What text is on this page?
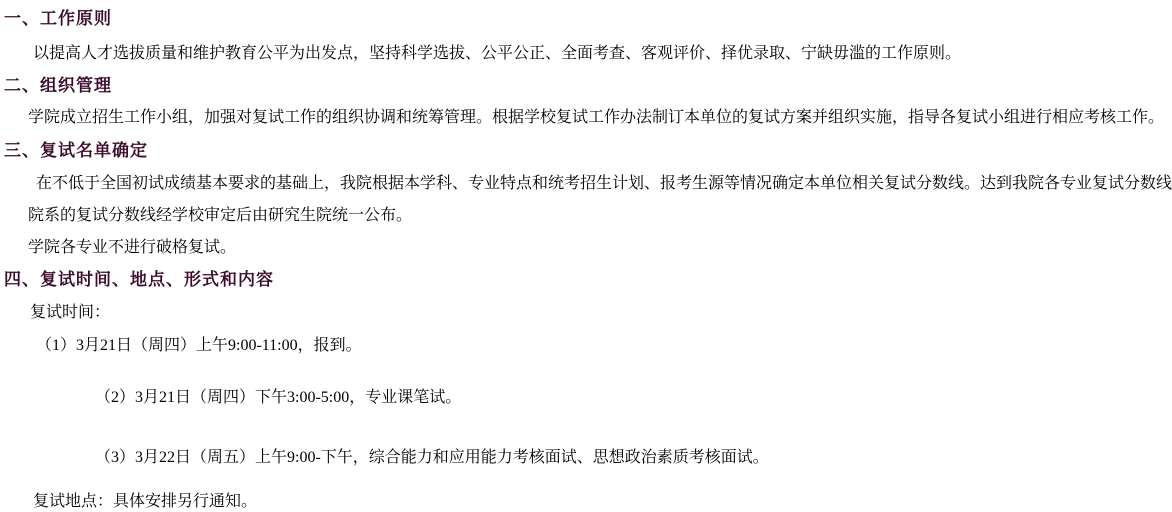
一、工作原则
以提高人才选拔质量和维护教育公平为出发点，坚持科学选拔、公平公正、全面考查、客观评价、择优录取、宁缺毋滥的工作原则。
二、组织管理
学院成立招生工作小组，加强对复试工作的组织协调和统筹管理。根据学校复试工作办法制订本单位的复试方案并组织实施，指导各复试小组进行相应考核工作。
三、复试名单确定
在不低于全国初试成绩基本要求的基础上，我院根据本学科、专业特点和统考招生计划、报考生源等情况确定本单位相关复试分数线。达到我院各专业复试分数线
院系的复试分数线经学校审定后由研究生院统一公布。
学院各专业不进行破格复试。
四、复试时间、地点、形式和内容
复试时间：
（1）3月21日（周四）上午9:00-11:00，报到。
（2）3月21日（周四）下午3:00-5:00，专业课笔试。
（3）3月22日（周五）上午9:00-下午，综合能力和应用能力考核面试、思想政治素质考核面试。
复试地点：具体安排另行通知。
